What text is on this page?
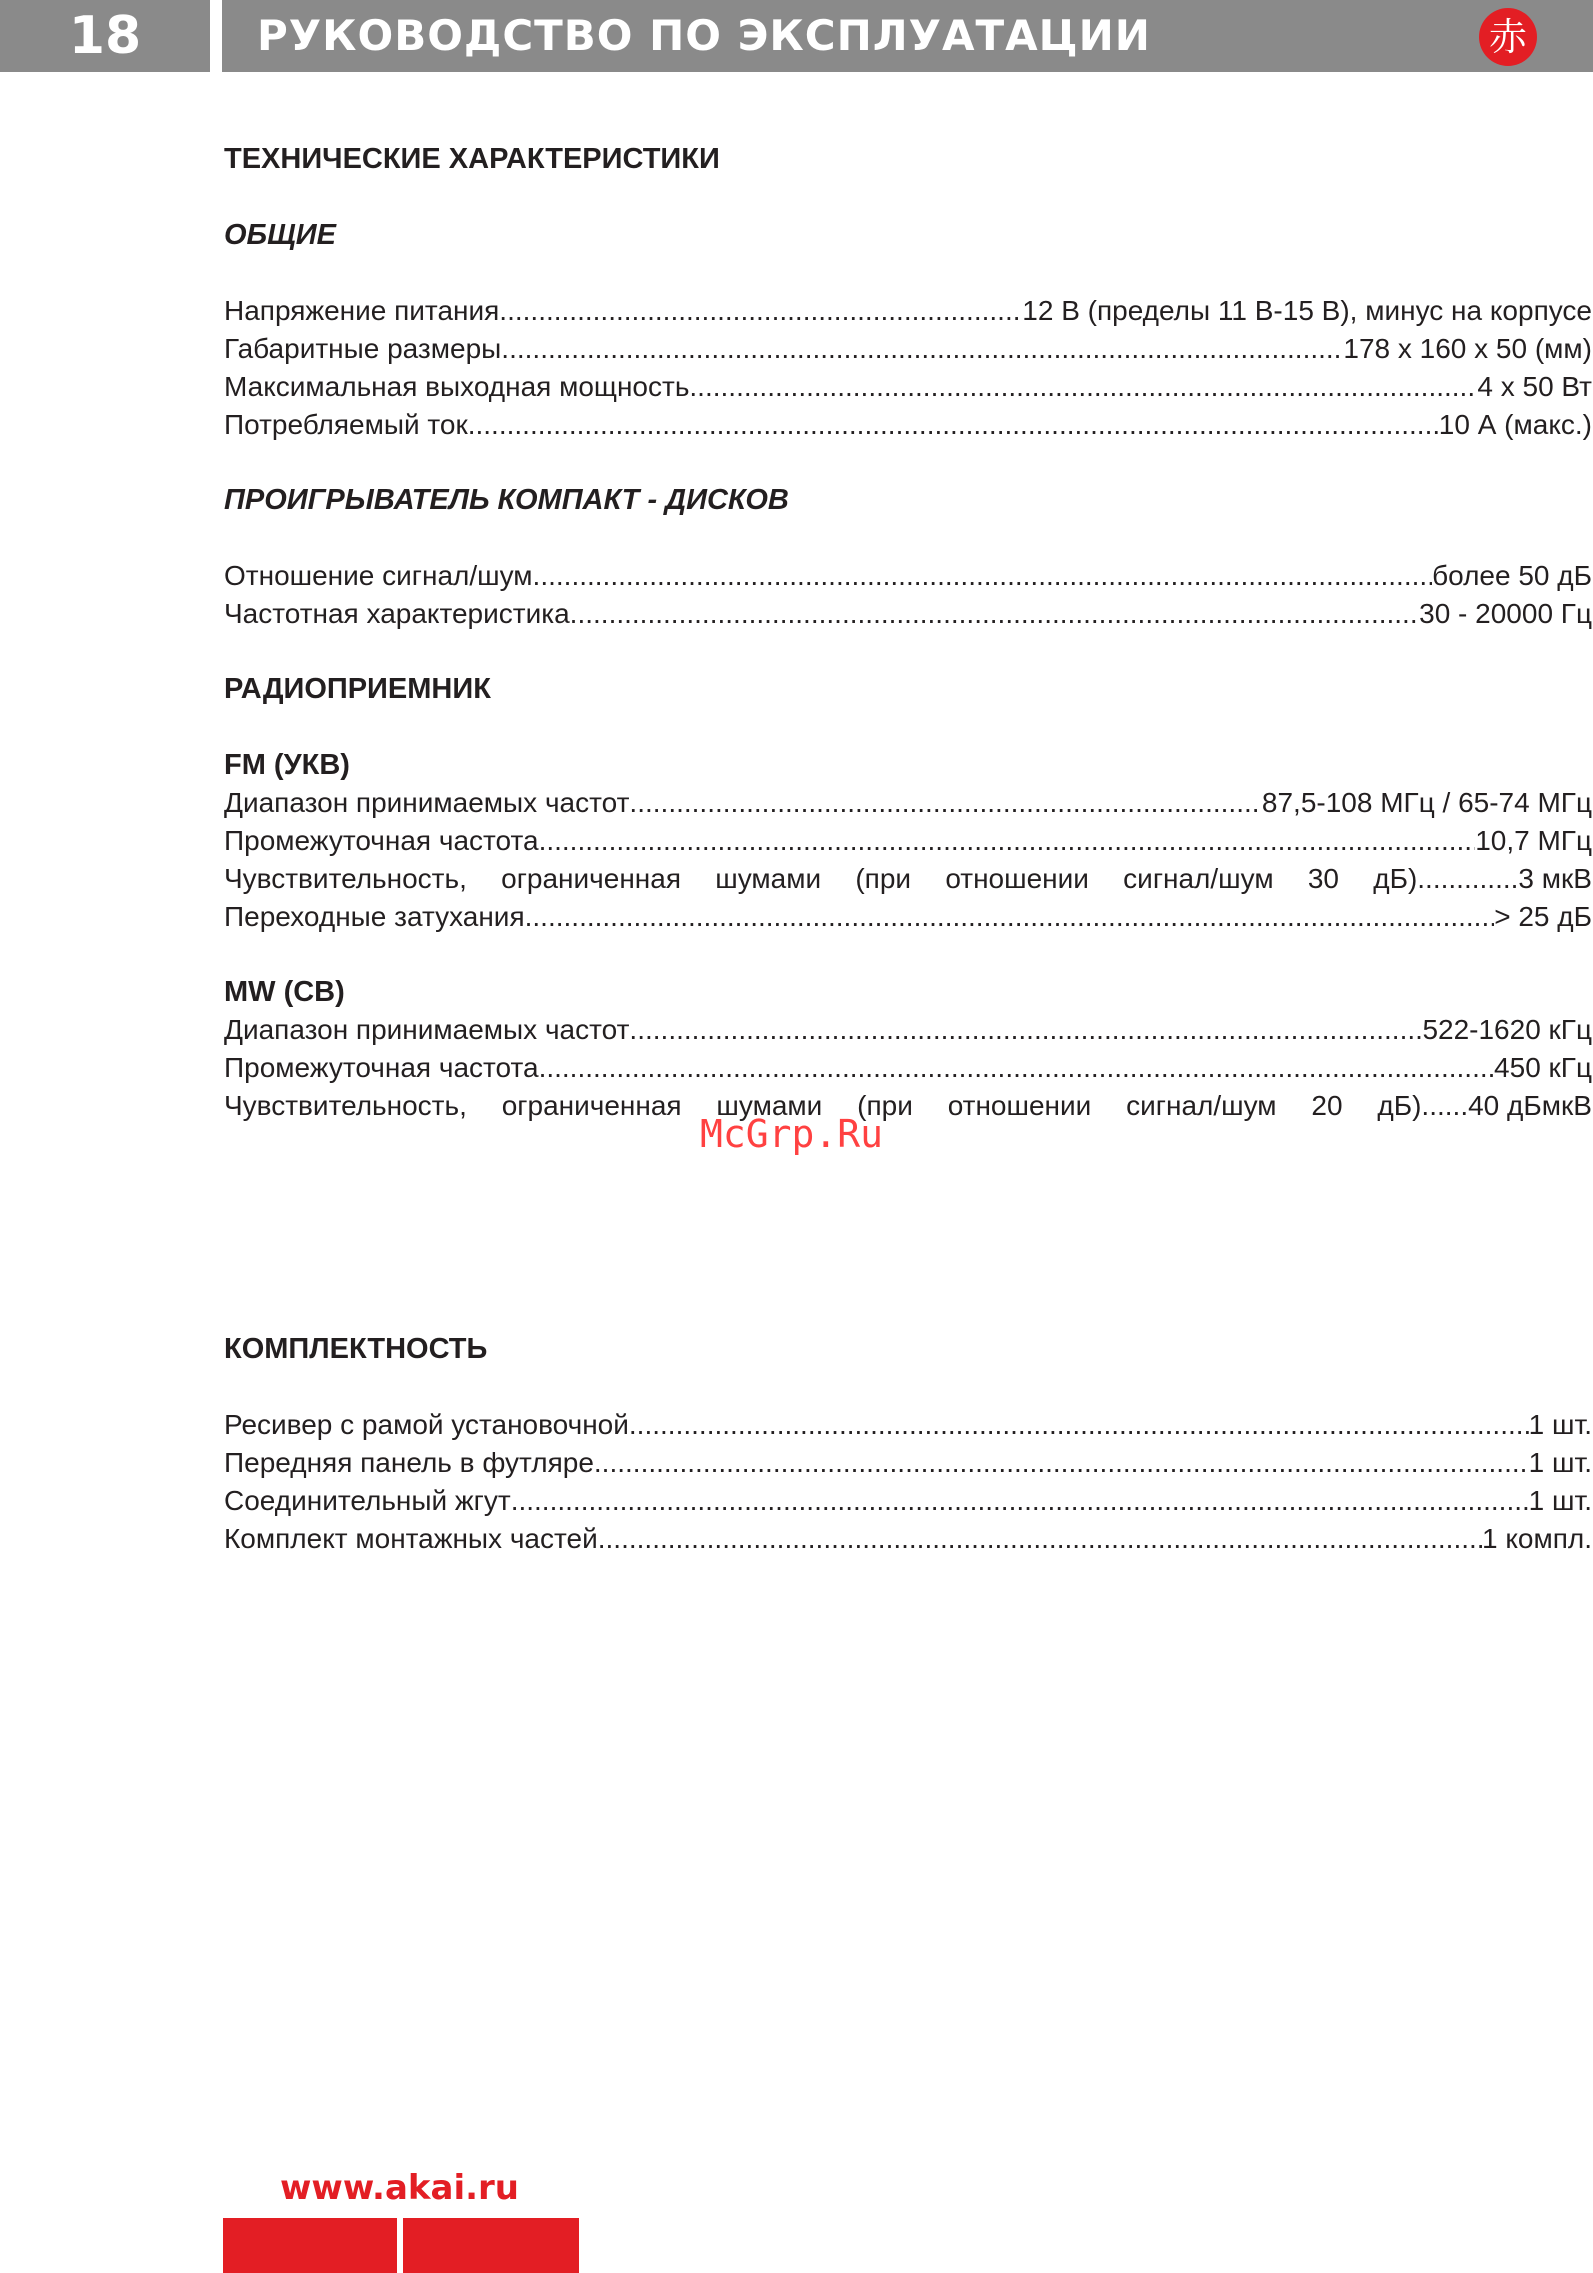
18	РУКОВОДСТВО ПО ЭКСПЛУАТАЦИИ	赤
ТЕХНИЧЕСКИЕ ХАРАКТЕРИСТИКИ
ОБЩИЕ
Напряжение питания .....	12 В (пределы 11 В-15 В), минус на корпусе
Габаритные размеры .....	178 х 160 х 50 (мм)
Максимальная выходная мощность .....	4 х 50 Вт
Потребляемый ток .....	10 А (макс.)
ПРОИГРЫВАТЕЛЬ КОМПАКТ - ДИСКОВ
Отношение сигнал/шум .....	более 50 дБ
Частотная характеристика .....	30 - 20000 Гц
РАДИОПРИЕМНИК
FM (УКВ)
Диапазон принимаемых частот .....	87,5-108 МГц / 65-74 МГц
Промежуточная частота .....	10,7 МГц
Чувствительность, ограниченная шумами (при отношении сигнал/шум 30 дБ).............3 мкВ
Переходные затухания .....	> 25 дБ
MW (СВ)
Диапазон принимаемых частот .....	522-1620 кГц
Промежуточная частота .....	450 кГц
Чувствительность, ограниченная шумами (при отношении сигнал/шум 20 дБ)......40 дБмкВ
КОМПЛЕКТНОСТЬ
Ресивер с рамой установочной .....	1 шт.
Передняя панель в футляре .....	1 шт.
Соединительный жгут .....	1 шт.
Комплект монтажных частей .....	1 компл.
McGrp.Ru
www.akai.ru
